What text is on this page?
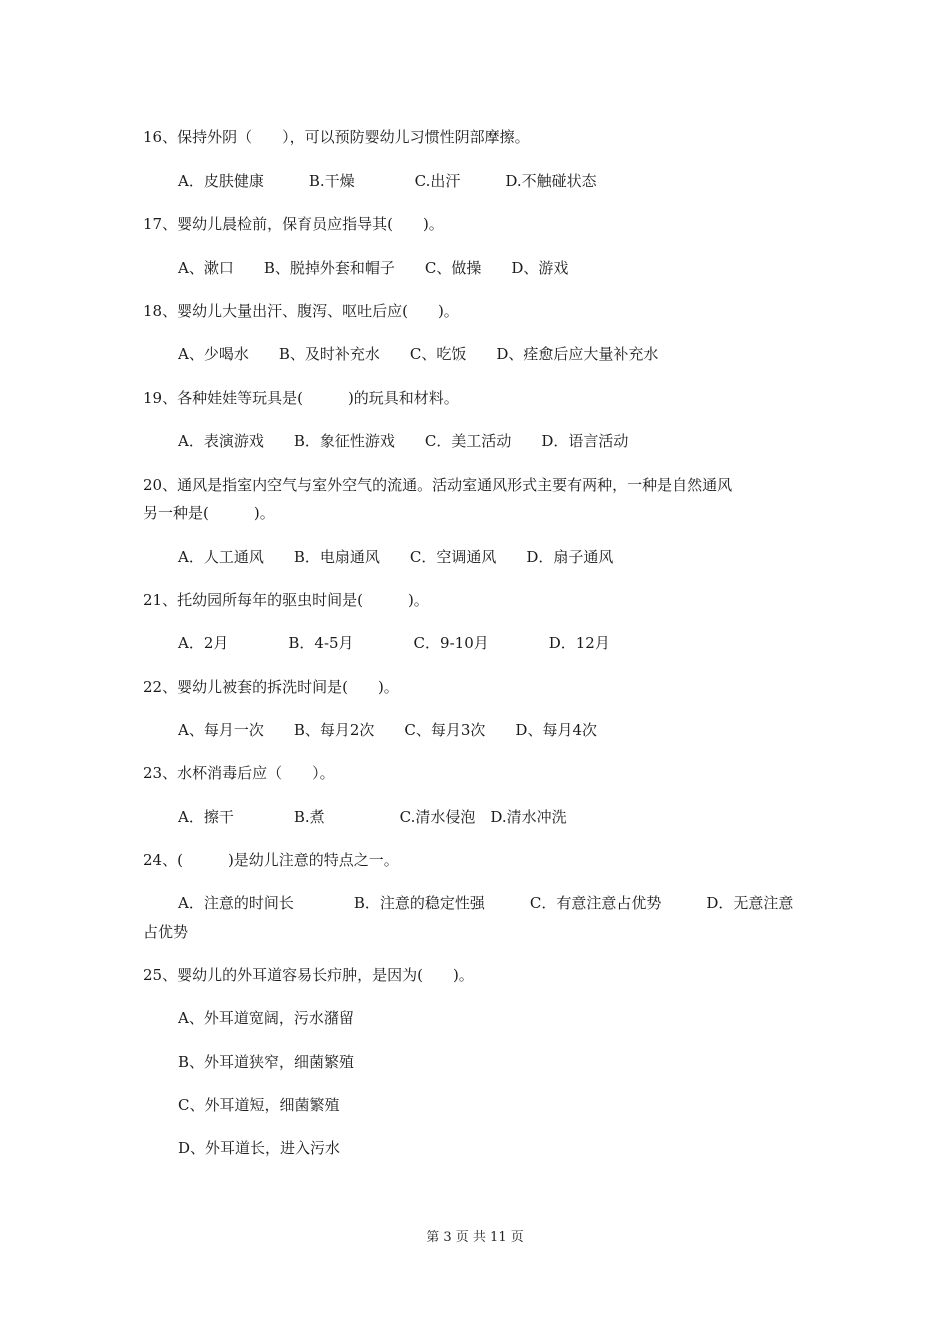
16、保持外阴（　　），可以预防婴幼儿习惯性阴部摩擦。
A．皮肤健康　　　B.干燥　　　　C.出汗　　　D.不触碰状态
17、婴幼儿晨检前，保育员应指导其(　　)。
A、漱口　　B、脱掉外套和帽子　　C、做操　　D、游戏
18、婴幼儿大量出汗、腹泻、呕吐后应(　　)。
A、少喝水　　B、及时补充水　　C、吃饭　　D、痊愈后应大量补充水
19、各种娃娃等玩具是(　　　)的玩具和材料。
A．表演游戏　　B．象征性游戏　　C．美工活动　　D．语言活动
20、通风是指室内空气与室外空气的流通。活动室通风形式主要有两种，一种是自然通风
另一种是(　　　)。
A．人工通风　　B．电扇通风　　C．空调通风　　D．扇子通风
21、托幼园所每年的驱虫时间是(　　　)。
A．2月　　　　B．4-5月　　　　C．9-10月　　　　D．12月
22、婴幼儿被套的拆洗时间是(　　)。
A、每月一次　　B、每月2次　　C、每月3次　　D、每月4次
23、水杯消毒后应（　　）。
A．擦干　　　　B.煮　　　　　C.清水侵泡　D.清水冲洗
24、(　　　)是幼儿注意的特点之一。
A．注意的时间长　　　　B．注意的稳定性强　　　C．有意注意占优势　　　D．无意注意
占优势
25、婴幼儿的外耳道容易长疖肿，是因为(　　)。
A、外耳道宽阔，污水潴留
B、外耳道狭窄，细菌繁殖
C、外耳道短，细菌繁殖
D、外耳道长，进入污水
第 3 页 共 11 页
